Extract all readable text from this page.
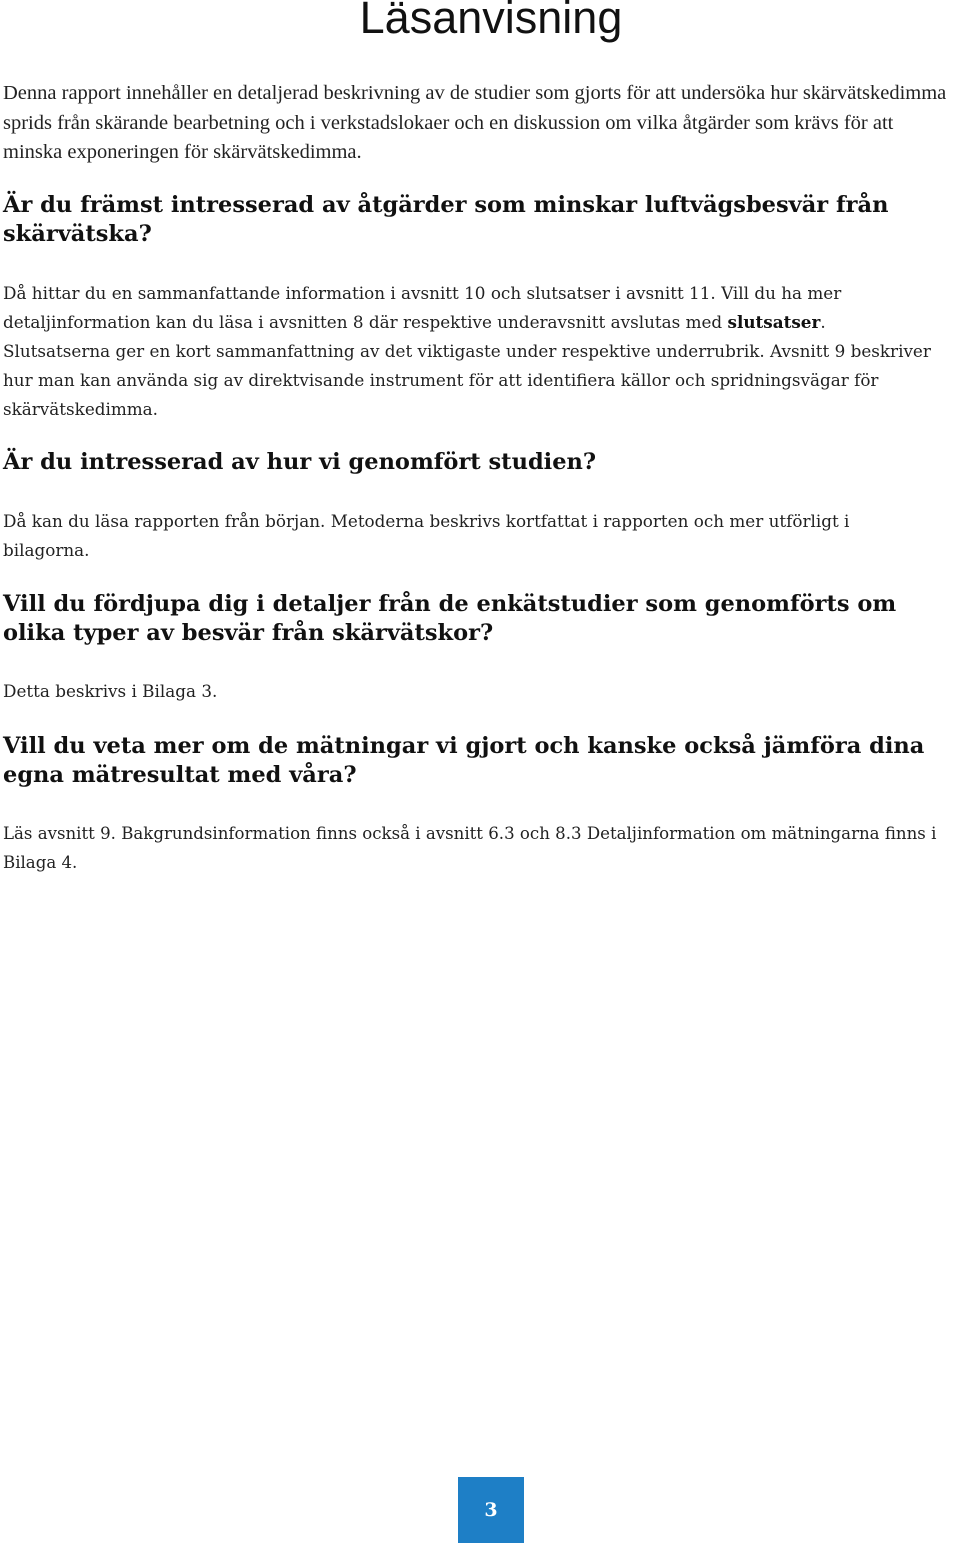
Läsanvisning

Denna rapport innehåller en detaljerad beskrivning av de studier som gjorts för att undersöka hur skärvätskedimma sprids från skärande bearbetning och i verkstadslokaer och en diskussion om vilka åtgärder som krävs för att minska exponeringen för skärvätskedimma.

Är du främst intresserad av åtgärder som minskar luftvägsbesvär från skärvätska?

Då hittar du en sammanfattande information i avsnitt 10 och slutsatser i avsnitt 11. Vill du ha mer detaljinformation kan du läsa i avsnitten 8 där respektive underavsnitt avslutas med slutsatser. Slutsatserna ger en kort sammanfattning av det viktigaste under respektive underrubrik. Avsnitt 9 beskriver hur man kan använda sig av direktvisande instrument för att identifiera källor och spridningsvägar för skärvätskedimma.

Är du intresserad av hur vi genomfört studien?

Då kan du läsa rapporten från början. Metoderna beskrivs kortfattat i rapporten och mer utförligt i bilagorna.

Vill du fördjupa dig i detaljer från de enkätstudier som genomförts om olika typer av besvär från skärvätskor?

Detta beskrivs i Bilaga 3.

Vill du veta mer om de mätningar vi gjort och kanske också jämföra dina egna mätresultat med våra?

Läs avsnitt 9. Bakgrundsinformation finns också i avsnitt 6.3 och 8.3 Detaljinformation om mätningarna finns i Bilaga 4.

3
